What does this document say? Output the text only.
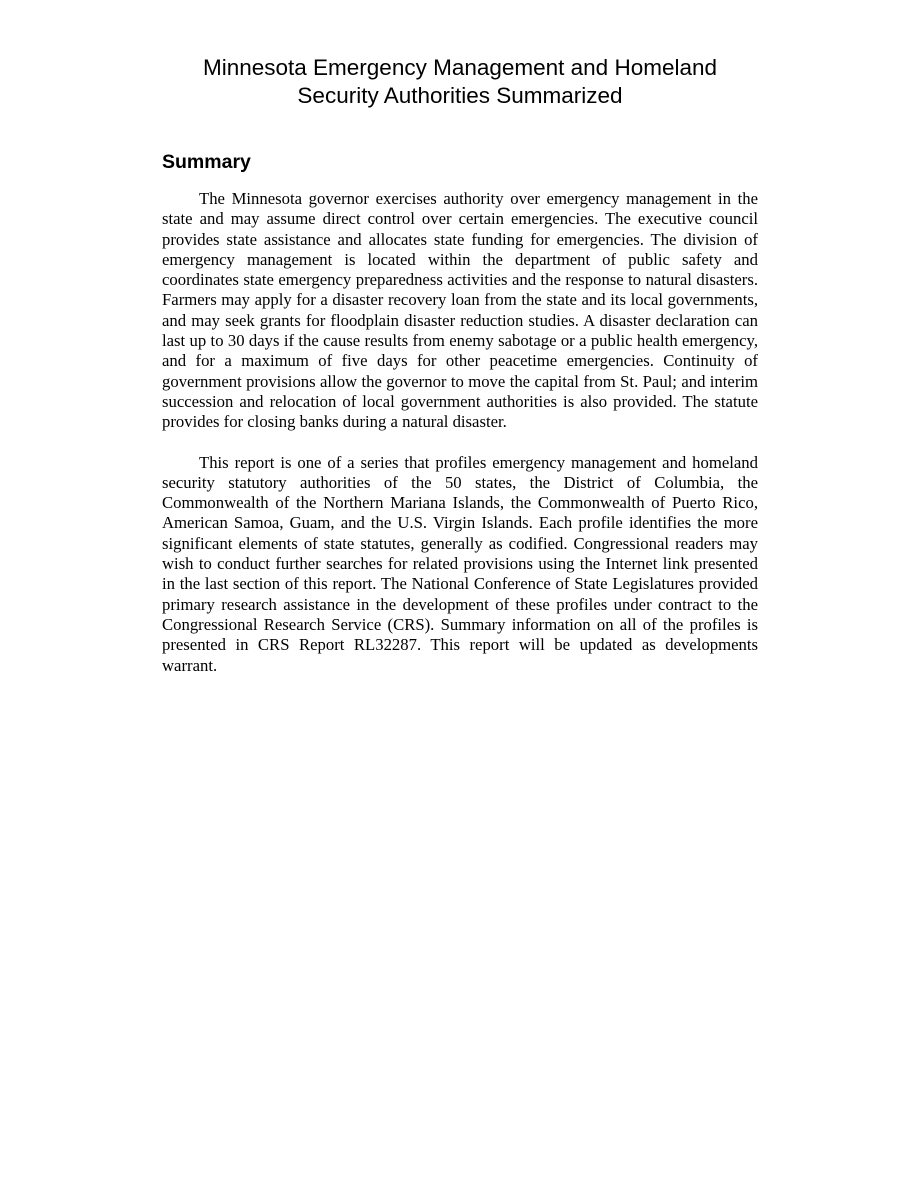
Minnesota Emergency Management and Homeland
Security Authorities Summarized
Summary

The Minnesota governor exercises authority over emergency management in the state and may assume direct control over certain emergencies. The executive council provides state assistance and allocates state funding for emergencies. The division of emergency management is located within the department of public safety and coordinates state emergency preparedness activities and the response to natural disasters. Farmers may apply for a disaster recovery loan from the state and its local governments, and may seek grants for floodplain disaster reduction studies. A disaster declaration can last up to 30 days if the cause results from enemy sabotage or a public health emergency, and for a maximum of five days for other peacetime emergencies. Continuity of government provisions allow the governor to move the capital from St. Paul; and interim succession and relocation of local government authorities is also provided. The statute provides for closing banks during a natural disaster.

This report is one of a series that profiles emergency management and homeland security statutory authorities of the 50 states, the District of Columbia, the Commonwealth of the Northern Mariana Islands, the Commonwealth of Puerto Rico, American Samoa, Guam, and the U.S. Virgin Islands. Each profile identifies the more significant elements of state statutes, generally as codified. Congressional readers may wish to conduct further searches for related provisions using the Internet link presented in the last section of this report. The National Conference of State Legislatures provided primary research assistance in the development of these profiles under contract to the Congressional Research Service (CRS). Summary information on all of the profiles is presented in CRS Report RL32287. This report will be updated as developments warrant.
